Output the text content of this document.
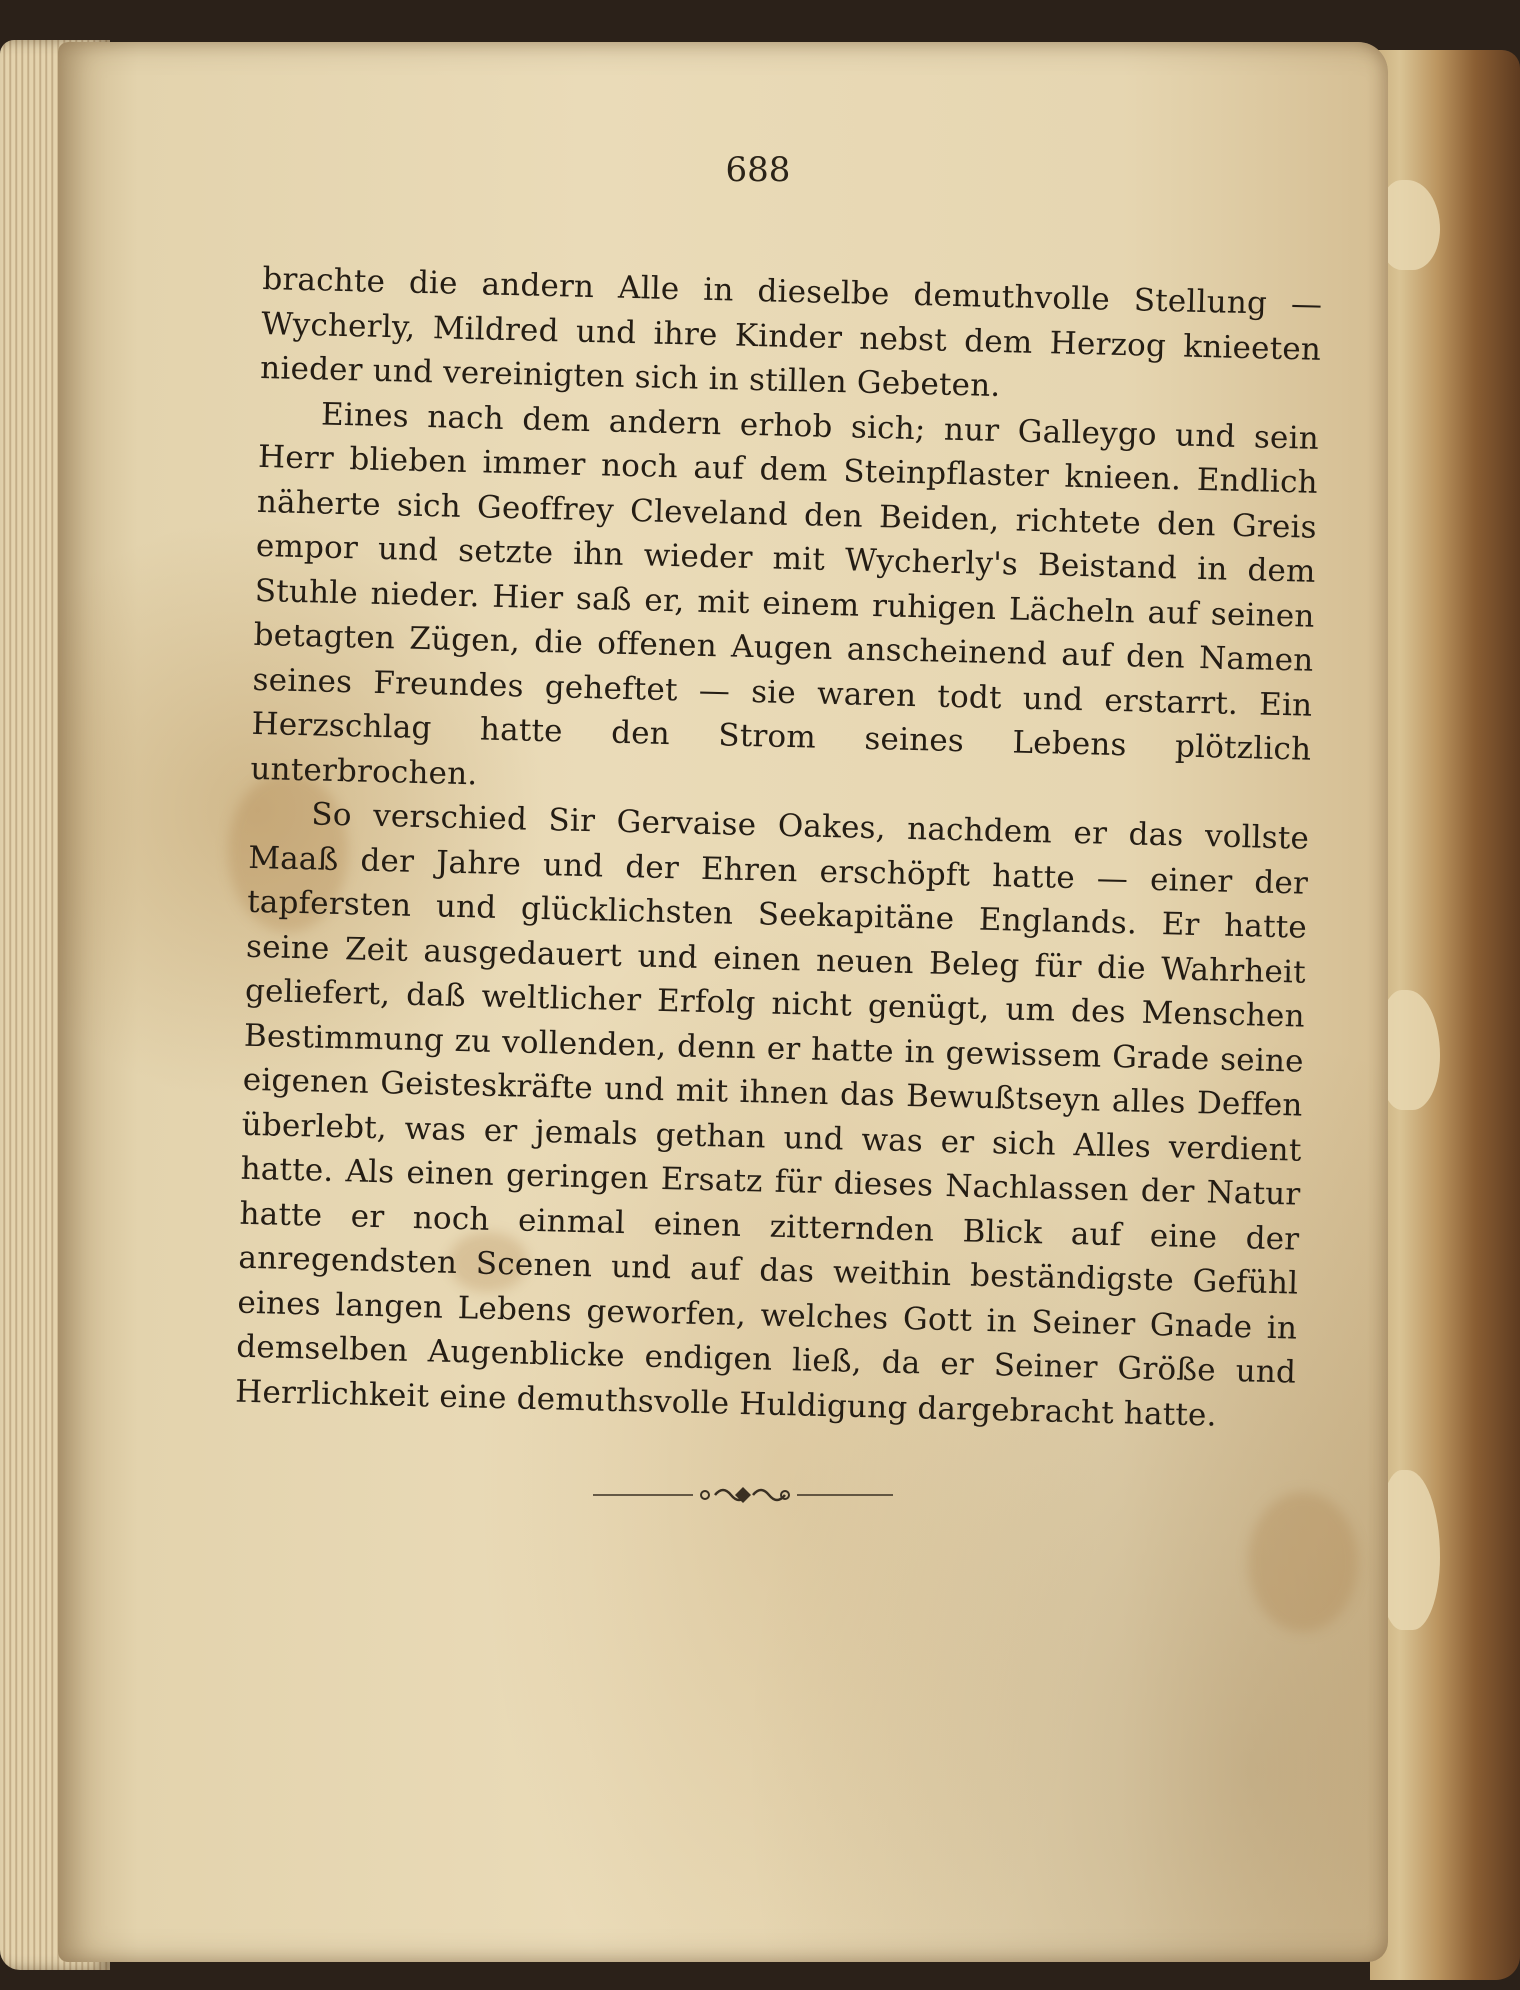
688

brachte die andern Alle in dieselbe demuthvolle Stellung — Wycherly, Mildred und ihre Kinder nebst dem Herzog knieeten nieder und vereinigten sich in stillen Gebeten.

Eines nach dem andern erhob sich; nur Galleygo und sein Herr blieben immer noch auf dem Steinpflaster knieen. Endlich näherte sich Geoffrey Cleveland den Beiden, richtete den Greis empor und setzte ihn wieder mit Wycherly's Beistand in dem Stuhle nieder. Hier saß er, mit einem ruhigen Lächeln auf seinen betagten Zügen, die offenen Augen anscheinend auf den Namen seines Freundes geheftet — sie waren todt und erstarrt. Ein Herzschlag hatte den Strom seines Lebens plötzlich unterbrochen.

So verschied Sir Gervaise Oakes, nachdem er das vollste Maaß der Jahre und der Ehren erschöpft hatte — einer der tapfersten und glücklichsten Seekapitäne Englands. Er hatte seine Zeit ausgedauert und einen neuen Beleg für die Wahrheit geliefert, daß weltlicher Erfolg nicht genügt, um des Menschen Bestimmung zu vollenden, denn er hatte in gewissem Grade seine eigenen Geisteskräfte und mit ihnen das Bewußtseyn alles Deffen überlebt, was er jemals gethan und was er sich Alles verdient hatte. Als einen geringen Ersatz für dieses Nachlassen der Natur hatte er noch einmal einen zitternden Blick auf eine der anregendsten Scenen und auf das weithin beständigste Gefühl eines langen Lebens geworfen, welches Gott in Seiner Gnade in demselben Augenblicke endigen ließ, da er Seiner Größe und Herrlichkeit eine demuthsvolle Huldigung dargebracht hatte.
